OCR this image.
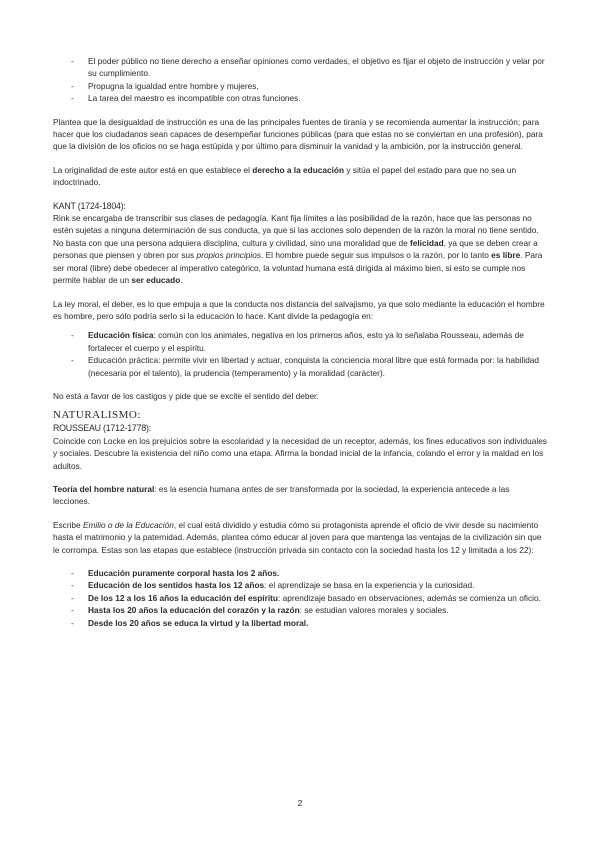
- El poder público no tiene derecho a enseñar opiniones como verdades, el objetivo es fijar el objeto de instrucción y velar por su cumplimiento.
- Propugna la igualdad entre hombre y mujeres,
- La tarea del maestro es incompatible con otras funciones.

Plantea que la desigualdad de instrucción es una de las principales fuentes de tiranía y se recomienda aumentar la instrucción; para hacer que los ciudadanos sean capaces de desempeñar funciones públicas (para que estas no se conviertan en una profesión), para que la división de los oficios no se haga estúpida y por último para disminuir la vanidad y la ambición, por la instrucción general.

La originalidad de este autor está en que establece el derecho a la educación y sitúa el papel del estado para que no sea un indoctrinado.

KANT (1724-1804):

Rink se encargaba de transcribir sus clases de pedagogía. Kant fija límites a las posibilidad de la razón, hace que las personas no estén sujetas a ninguna determinación de sus conducta, ya que si las acciones solo dependen de la razón la moral no tiene sentido. No basta con que una persona adquiera disciplina, cultura y civilidad, sino una moralidad que de felicidad, ya que se deben crear a personas que piensen y obren por sus propios principios. El hombre puede seguir sus impulsos o la razón, por lo tanto es libre. Para ser moral (libre) debe obedecer al imperativo categórico, la voluntad humana está dirigida al máximo bien, si esto se cumple nos permite hablar de un ser educado.

La ley moral, el deber, es lo que empuja a que la conducta nos distancia del salvajismo, ya que solo mediante la educación el hombre es hombre, pero sólo podría serlo si la educación lo hace. Kant divide la pedagogía en:

- Educación física: común con los animales, negativa en los primeros años, esto ya lo señalaba Rousseau, además de fortalecer el cuerpo y el espíritu.
- Educación práctica: permite vivir en libertad y actuar, conquista la conciencia moral libre que está formada por: la habilidad (necesaria por el talento), la prudencia (temperamento) y la moralidad (carácter).

No está a favor de los castigos y pide que se excite el sentido del deber.

NATURALISMO:

ROUSSEAU (1712-1778):

Coincide con Locke en los prejuicios sobre la escolaridad y la necesidad de un receptor, además, los fines educativos son individuales y sociales. Descubre la existencia del niño como una etapa. Afirma la bondad inicial de la infancia, colando el error y la maldad en los adultos.

Teoría del hombre natural: es la esencia humana antes de ser transformada por la sociedad, la experiencia antecede a las lecciones.

Escribe Emilio o de la Educación, el cual está dividido y estudia cómo su protagonista aprende el oficio de vivir desde su nacimiento hasta el matrimonio y la paternidad. Además, plantea cómo educar al joven para que mantenga las ventajas de la civilización sin que le corrompa. Estas son las etapas que establece (instrucción privada sin contacto con la sociedad hasta los 12 y limitada a los 22):

- Educación puramente corporal hasta los 2 años.
- Educación de los sentidos hasta los 12 años: el aprendizaje se basa en la experiencia y la curiosidad.
- De los 12 a los 16 años la educación del espíritu: aprendizaje basado en observaciones, además se comienza un oficio.
- Hasta los 20 años la educación del corazón y la razón: se estudian valores morales y sociales.
- Desde los 20 años se educa la virtud y la libertad moral.
2
